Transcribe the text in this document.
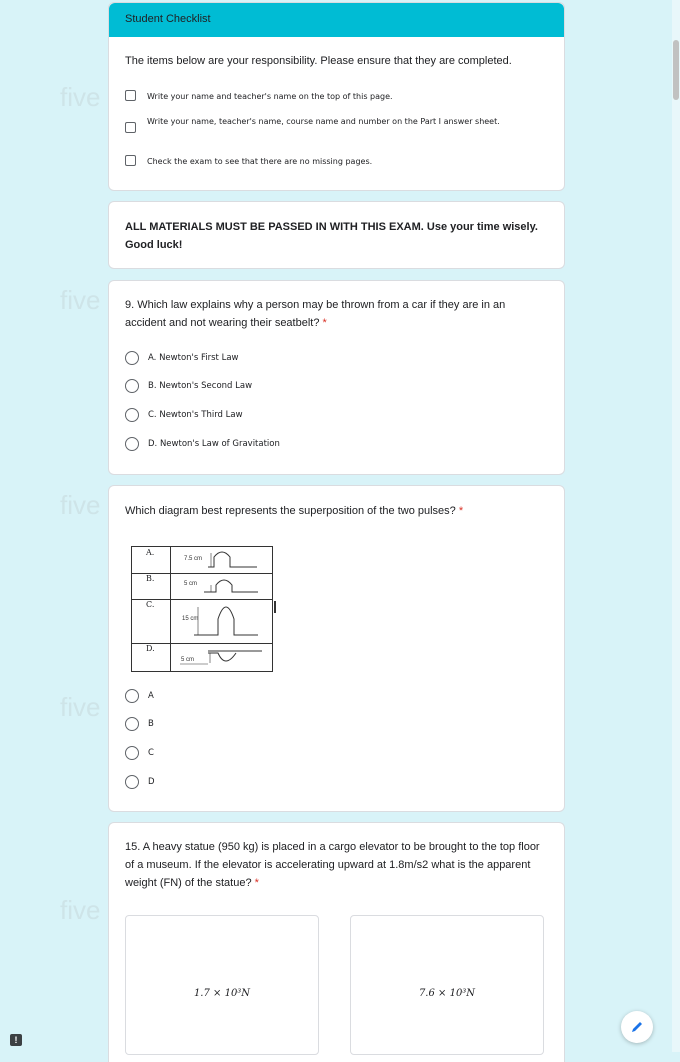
five
five
five
five
five
Student Checklist
The items below are your responsibility. Please ensure that they are completed.
Write your name and teacher's name on the top of this page.
Write your name, teacher's name, course name and number on the Part I answer sheet.
Check the exam to see that there are no missing pages.
ALL MATERIALS MUST BE PASSED IN WITH THIS EXAM. Use your time wisely. Good luck!
9. Which law explains why a person may be thrown from a car if they are in an accident and not wearing their seatbelt? *
A. Newton's First Law
B. Newton's Second Law
C. Newton's Third Law
D. Newton's Law of Gravitation
Which diagram best represents the superposition of the two pulses? *
A.
7.5 cm
B.
5 cm
C.
15 cm
D.
5 cm
A
B
C
D
15. A heavy statue (950 kg) is placed in a cargo elevator to be brought to the top floor of a museum. If the elevator is accelerating upward at 1.8m/s2 what is the apparent weight (FN) of the statue? *
1.7 × 10³N	7.6 × 10³N
!
